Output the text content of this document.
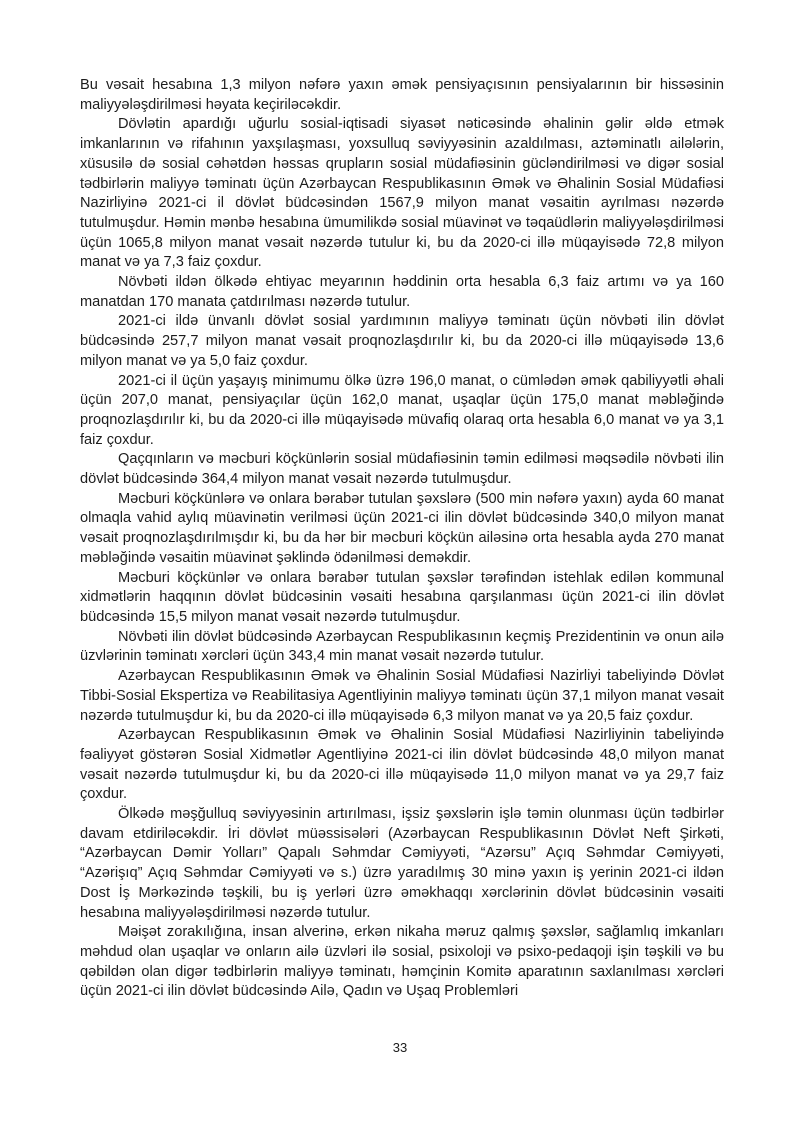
Bu vəsait hesabına 1,3 milyon nəfərə yaxın əmək pensiyaçısının pensiyalarının bir hissəsinin maliyyələşdirilməsi həyata keçiriləcəkdir.

Dövlətin apardığı uğurlu sosial-iqtisadi siyasət nəticəsində əhalinin gəlir əldə etmək imkanlarının və rifahının yaxşılaşması, yoxsulluq səviyyəsinin azaldılması, aztəminatlı ailələrin, xüsusilə də sosial cəhətdən həssas qrupların sosial müdafiəsinin gücləndirilməsi və digər sosial tədbirlərin maliyyə təminatı üçün Azərbaycan Respublikasının Əmək və Əhalinin Sosial Müdafiəsi Nazirliyinə 2021-ci il dövlət büdcəsindən 1567,9 milyon manat vəsaitin ayrılması nəzərdə tutulmuşdur. Həmin mənbə hesabına ümumilikdə sosial müavinət və təqaüdlərin maliyyələşdirilməsi üçün 1065,8 milyon manat vəsait nəzərdə tutulur ki, bu da 2020-ci illə müqayisədə 72,8 milyon manat və ya 7,3 faiz çoxdur.

Növbəti ildən ölkədə ehtiyac meyarının həddinin orta hesabla 6,3 faiz artımı və ya 160 manatdan 170 manata çatdırılması nəzərdə tutulur.

2021-ci ildə ünvanlı dövlət sosial yardımının maliyyə təminatı üçün növbəti ilin dövlət büdcəsində 257,7 milyon manat vəsait proqnozlaşdırılır ki, bu da 2020-ci illə müqayisədə 13,6 milyon manat və ya 5,0 faiz çoxdur.

2021-ci il üçün yaşayış minimumu ölkə üzrə 196,0 manat, o cümlədən əmək qabiliyyətli əhali üçün 207,0 manat, pensiyaçılar üçün 162,0 manat, uşaqlar üçün 175,0 manat məbləğində proqnozlaşdırılır ki, bu da 2020-ci illə müqayisədə müvafiq olaraq orta hesabla 6,0 manat və ya 3,1 faiz çoxdur.

Qaçqınların və məcburi köçkünlərin sosial müdafiəsinin təmin edilməsi məqsədilə növbəti ilin dövlət büdcəsində 364,4 milyon manat vəsait nəzərdə tutulmuşdur.

Məcburi köçkünlərə və onlara bərabər tutulan şəxslərə (500 min nəfərə yaxın) ayda 60 manat olmaqla vahid aylıq müavinətin verilməsi üçün 2021-ci ilin dövlət büdcəsində 340,0 milyon manat vəsait proqnozlaşdırılmışdır ki, bu da hər bir məcburi köçkün ailəsinə orta hesabla ayda 270 manat məbləğində vəsaitin müavinət şəklində ödənilməsi deməkdir.

Məcburi köçkünlər və onlara bərabər tutulan şəxslər tərəfindən istehlak edilən kommunal xidmətlərin haqqının dövlət büdcəsinin vəsaiti hesabına qarşılanması üçün 2021-ci ilin dövlət büdcəsində 15,5 milyon manat vəsait nəzərdə tutulmuşdur.

Növbəti ilin dövlət büdcəsində Azərbaycan Respublikasının keçmiş Prezidentinin və onun ailə üzvlərinin təminatı xərcləri üçün 343,4 min manat vəsait nəzərdə tutulur.

Azərbaycan Respublikasının Əmək və Əhalinin Sosial Müdafiəsi Nazirliyi tabeliyində Dövlət Tibbi-Sosial Ekspertiza və Reabilitasiya Agentliyinin maliyyə təminatı üçün 37,1 milyon manat vəsait nəzərdə tutulmuşdur ki, bu da 2020-ci illə müqayisədə 6,3 milyon manat və ya 20,5 faiz çoxdur.

Azərbaycan Respublikasının Əmək və Əhalinin Sosial Müdafiəsi Nazirliyinin tabeliyində fəaliyyət göstərən Sosial Xidmətlər Agentliyinə 2021-ci ilin dövlət büdcəsində 48,0 milyon manat vəsait nəzərdə tutulmuşdur ki, bu da 2020-ci illə müqayisədə 11,0 milyon manat və ya 29,7 faiz çoxdur.

Ölkədə məşğulluq səviyyəsinin artırılması, işsiz şəxslərin işlə təmin olunması üçün tədbirlər davam etdiriləcəkdir. İri dövlət müəssisələri (Azərbaycan Respublikasının Dövlət Neft Şirkəti, “Azərbaycan Dəmir Yolları” Qapalı Səhmdar Cəmiyyəti, “Azərsu” Açıq Səhmdar Cəmiyyəti, “Azərişıq” Açıq Səhmdar Cəmiyyəti və s.) üzrə yaradılmış 30 minə yaxın iş yerinin 2021-ci ildən Dost İş Mərkəzində təşkili, bu iş yerləri üzrə əməkhaqqı xərclərinin dövlət büdcəsinin vəsaiti hesabına maliyyələşdirilməsi nəzərdə tutulur.

Məişət zorakılığına, insan alverinə, erkən nikaha məruz qalmış şəxslər, sağlamlıq imkanları məhdud olan uşaqlar və onların ailə üzvləri ilə sosial, psixoloji və psixo-pedaqoji işin təşkili və bu qəbildən olan digər tədbirlərin maliyyə təminatı, həmçinin Komitə aparatının saxlanılması xərcləri üçün 2021-ci ilin dövlət büdcəsində Ailə, Qadın və Uşaq Problemləri

33
